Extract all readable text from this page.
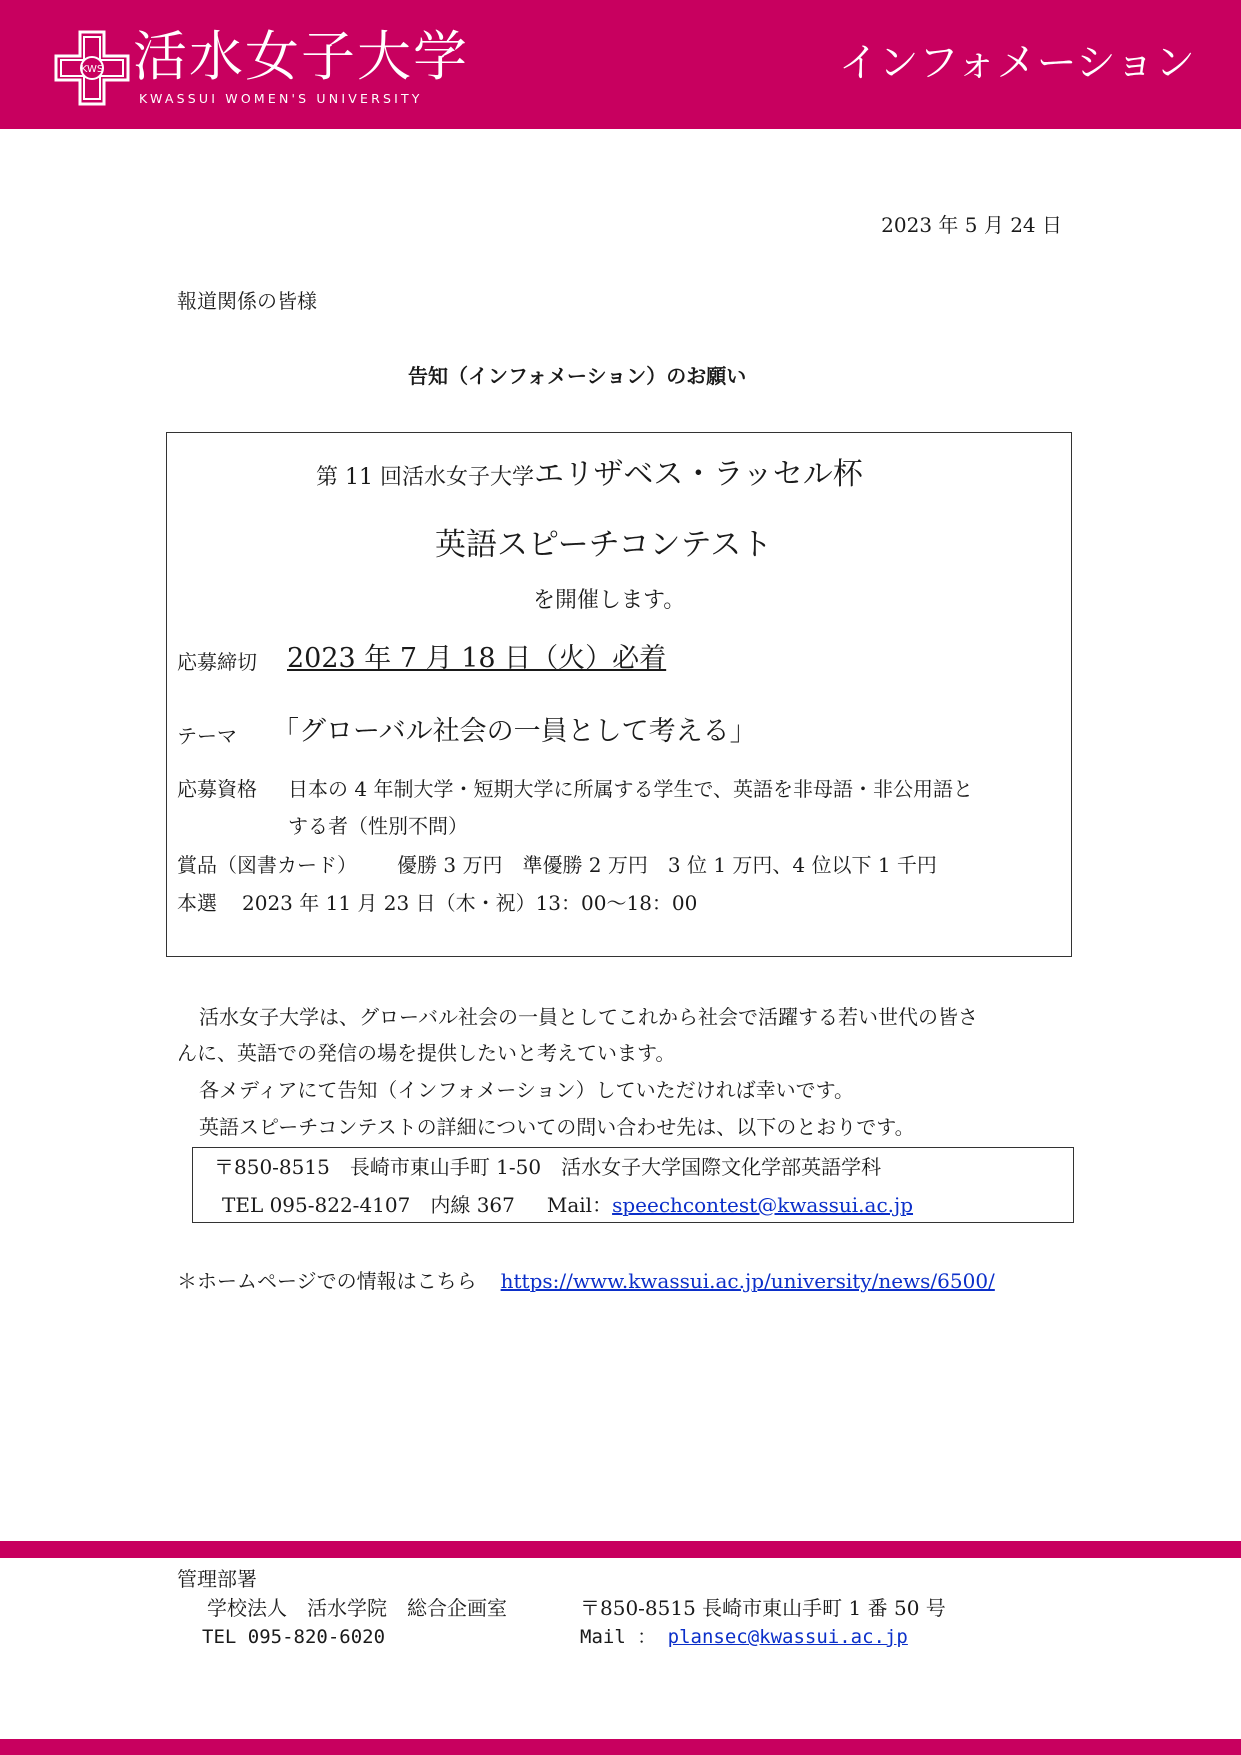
KWS 活水女子大学
KWASSUI WOMEN'S UNIVERSITY
インフォメーション
2023 年 5 月 24 日
報道関係の皆様
告知（インフォメーション）のお願い
第 11 回活水女子大学エリザベス・ラッセル杯
英語スピーチコンテスト
を開催します。
応募締切 2023 年 7 月 18 日（火）必着
テーマ 「グローバル社会の一員として考える」
応募資格 日本の 4 年制大学・短期大学に所属する学生で、英語を非母語・非公用語と
する者（性別不問）
賞品（図書カード） 優勝 3 万円　準優勝 2 万円　3 位 1 万円、4 位以下 1 千円
本選 2023 年 11 月 23 日（木・祝）13：00〜18：00
活水女子大学は、グローバル社会の一員としてこれから社会で活躍する若い世代の皆さ
んに、英語での発信の場を提供したいと考えています。
各メディアにて告知（インフォメーション）していただければ幸いです。
英語スピーチコンテストの詳細についての問い合わせ先は、以下のとおりです。
〒850-8515　長崎市東山手町 1-50　活水女子大学国際文化学部英語学科
TEL 095-822-4107　内線 367 Mail：speechcontest@kwassui.ac.jp
＊ホームページでの情報はこちら https://www.kwassui.ac.jp/university/news/6500/
管理部署
学校法人　活水学院　総合企画室	〒850-8515 長崎市東山手町 1 番 50 号
TEL 095-820-6020	Mail ： plansec@kwassui.ac.jp
